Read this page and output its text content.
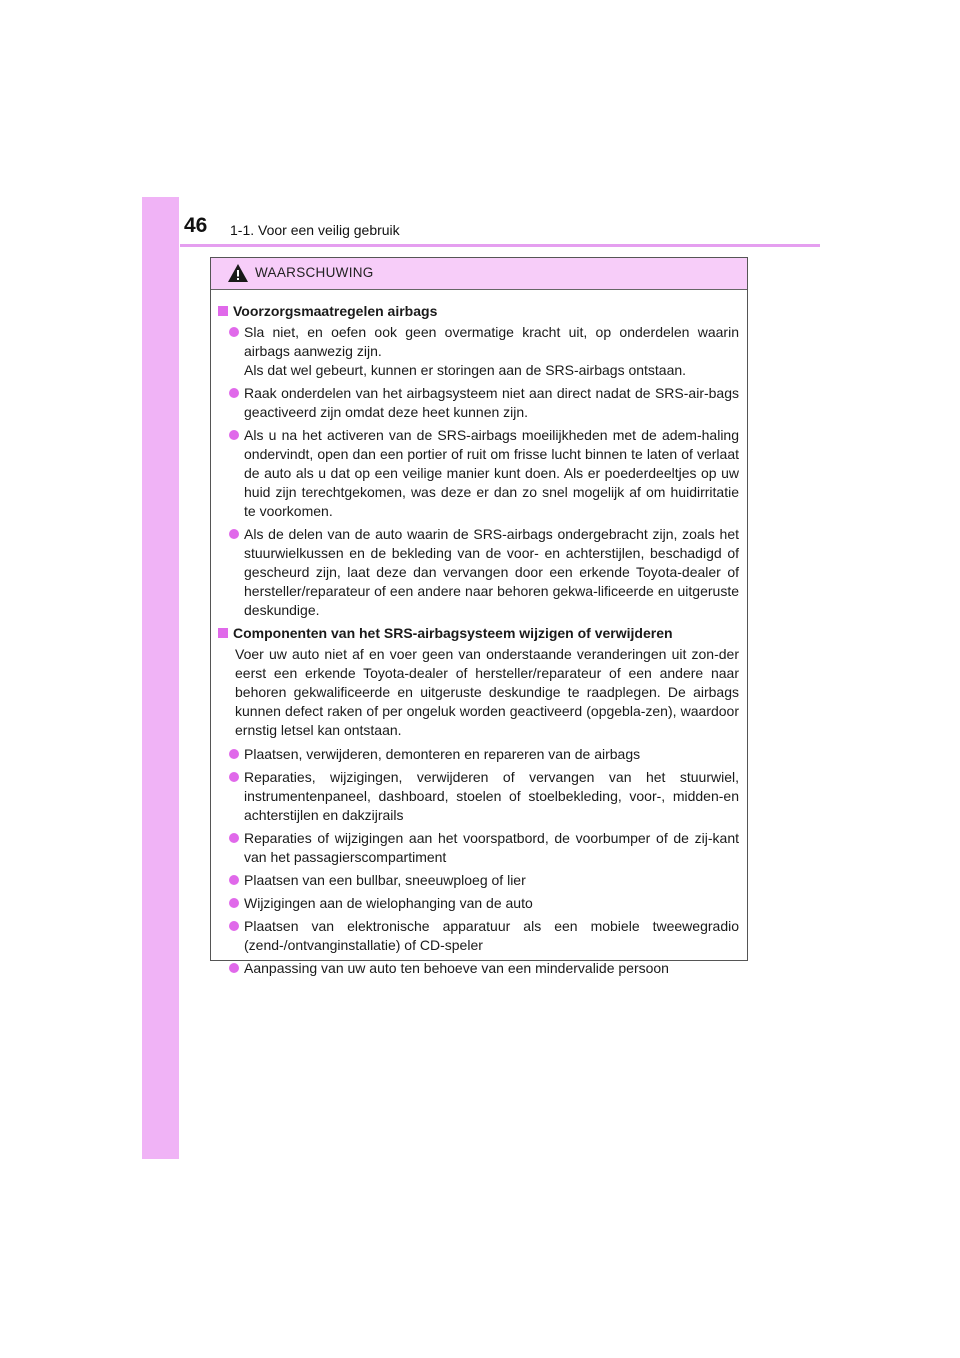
46 1-1. Voor een veilig gebruik
WAARSCHUWING
Voorzorgsmaatregelen airbags
Sla niet, en oefen ook geen overmatige kracht uit, op onderdelen waarin airbags aanwezig zijn.
Als dat wel gebeurt, kunnen er storingen aan de SRS-airbags ontstaan.
Raak onderdelen van het airbagsysteem niet aan direct nadat de SRS-air-bags geactiveerd zijn omdat deze heet kunnen zijn.
Als u na het activeren van de SRS-airbags moeilijkheden met de adem-haling ondervindt, open dan een portier of ruit om frisse lucht binnen te laten of verlaat de auto als u dat op een veilige manier kunt doen. Als er poederdeeltjes op uw huid zijn terechtgekomen, was deze er dan zo snel mogelijk af om huidirritatie te voorkomen.
Als de delen van de auto waarin de SRS-airbags ondergebracht zijn, zoals het stuurwielkussen en de bekleding van de voor- en achterstijlen, beschadigd of gescheurd zijn, laat deze dan vervangen door een erkende Toyota-dealer of hersteller/reparateur of een andere naar behoren gekwa-lificeerde en uitgeruste deskundige.
Componenten van het SRS-airbagsysteem wijzigen of verwijderen
Voer uw auto niet af en voer geen van onderstaande veranderingen uit zon-der eerst een erkende Toyota-dealer of hersteller/reparateur of een andere naar behoren gekwalificeerde en uitgeruste deskundige te raadplegen. De airbags kunnen defect raken of per ongeluk worden geactiveerd (opgebla-zen), waardoor ernstig letsel kan ontstaan.
Plaatsen, verwijderen, demonteren en repareren van de airbags
Reparaties, wijzigingen, verwijderen of vervangen van het stuurwiel, instrumentenpaneel, dashboard, stoelen of stoelbekleding, voor-, midden-en achterstijlen en dakzijrails
Reparaties of wijzigingen aan het voorspatbord, de voorbumper of de zij-kant van het passagierscompartiment
Plaatsen van een bullbar, sneeuwploeg of lier
Wijzigingen aan de wielophanging van de auto
Plaatsen van elektronische apparatuur als een mobiele tweewegradio (zend-/ontvanginstallatie) of CD-speler
Aanpassing van uw auto ten behoeve van een mindervalide persoon
